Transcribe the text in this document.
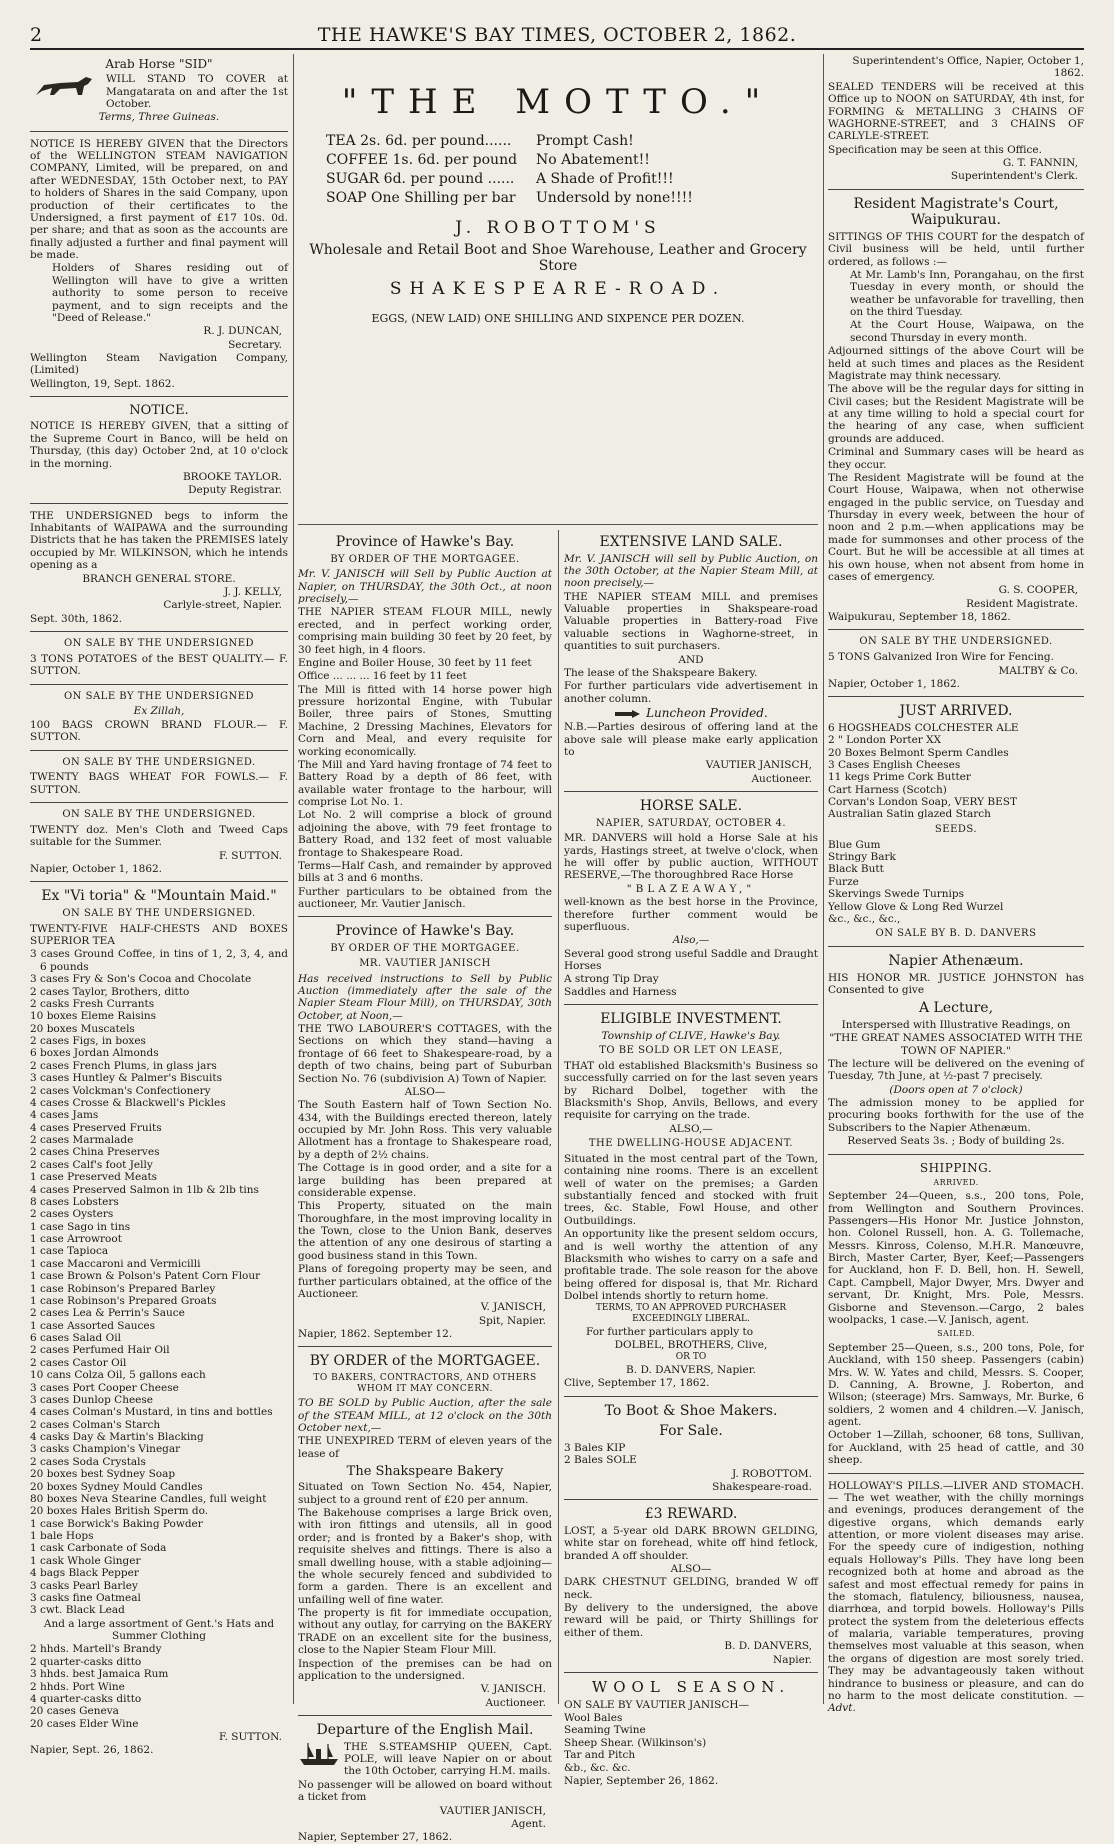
2	THE HAWKE'S BAY TIMES, OCTOBER 2, 1862.
Arab Horse "SID"

WILL STAND TO COVER at Mangatarata on and after the 1st October.

Terms, Three Guineas.

NOTICE IS HEREBY GIVEN that the Directors of the WELLINGTON STEAM NAVIGATION COMPANY, Limited, will be prepared, on and after WEDNESDAY, 15th October next, to PAY to holders of Shares in the said Company, upon production of their certificates to the Undersigned, a first payment of £17 10s. 0d. per share; and that as soon as the accounts are finally adjusted a further and final payment will be made.

Holders of Shares residing out of Wellington will have to give a written authority to some person to receive payment, and to sign receipts and the "Deed of Release."

R. J. DUNCAN,

Secretary.

Wellington Steam Navigation Company, (Limited)

Wellington, 19, Sept. 1862.

NOTICE.

NOTICE IS HEREBY GIVEN, that a sitting of the Supreme Court in Banco, will be held on Thursday, (this day) October 2nd, at 10 o'clock in the morning.

BROOKE TAYLOR.

Deputy Registrar.

THE UNDERSIGNED begs to inform the Inhabitants of WAIPAWA and the surrounding Districts that he has taken the PREMISES lately occupied by Mr. WILKINSON, which he intends opening as a

BRANCH GENERAL STORE.

J. J. KELLY,

Carlyle-street, Napier.

Sept. 30th, 1862.

ON SALE BY THE UNDERSIGNED

3 TONS POTATOES of the BEST QUALITY.— F. SUTTON.

ON SALE BY THE UNDERSIGNED

Ex Zillah,

100 BAGS CROWN BRAND FLOUR.— F. SUTTON.

ON SALE BY THE UNDERSIGNED.

TWENTY BAGS WHEAT FOR FOWLS.— F. SUTTON.

ON SALE BY THE UNDERSIGNED.

TWENTY doz. Men's Cloth and Tweed Caps suitable for the Summer.

F. SUTTON.

Napier, October 1, 1862.

Ex "Vi toria" & "Mountain Maid."
ON SALE BY THE UNDERSIGNED.

TWENTY-FIVE HALF-CHESTS AND BOXES SUPERIOR TEA

3 cases Ground Coffee, in tins of 1, 2, 3, 4, and 6 pounds
3 cases Fry & Son's Cocoa and Chocolate
2 cases Taylor, Brothers, ditto
2 casks Fresh Currants
10 boxes Eleme Raisins
20 boxes Muscatels
2 cases Figs, in boxes
6 boxes Jordan Almonds
2 cases French Plums, in glass jars
3 cases Huntley & Palmer's Biscuits
2 cases Volckman's Confectionery
4 cases Crosse & Blackwell's Pickles
4 cases Jams
4 cases Preserved Fruits
2 cases Marmalade
2 cases China Preserves
2 cases Calf's foot Jelly
1 case Preserved Meats
4 cases Preserved Salmon in 1lb & 2lb tins
8 cases Lobsters
2 cases Oysters
1 case Sago in tins
1 case Arrowroot
1 case Tapioca
1 case Maccaroni and Vermicilli
1 case Brown & Polson's Patent Corn Flour
1 case Robinson's Prepared Barley
1 case Robinson's Prepared Groats
2 cases Lea & Perrin's Sauce
1 case Assorted Sauces
6 cases Salad Oil
2 cases Perfumed Hair Oil
2 cases Castor Oil
10 cans Colza Oil, 5 gallons each
3 cases Port Cooper Cheese
3 cases Dunlop Cheese
4 cases Colman's Mustard, in tins and bottles
2 cases Colman's Starch
4 casks Day & Martin's Blacking
3 casks Champion's Vinegar
2 cases Soda Crystals
20 boxes best Sydney Soap
20 boxes Sydney Mould Candles
80 boxes Neva Stearine Candles, full weight
20 boxes Hales British Sperm do.
1 case Borwick's Baking Powder
1 bale Hops
1 cask Carbonate of Soda
1 cask Whole Ginger
4 bags Black Pepper
3 casks Pearl Barley
3 casks fine Oatmeal
3 cwt. Black Lead

And a large assortment of Gent.'s Hats and Summer Clothing

2 hhds. Martell's Brandy
2 quarter-casks ditto
3 hhds. best Jamaica Rum
2 hhds. Port Wine
4 quarter-casks ditto
20 cases Geneva
20 cases Elder Wine

F. SUTTON.

Napier, Sept. 26, 1862.

"THE MOTTO."
TEA 2s. 6d. per pound......	Prompt Cash!
COFFEE 1s. 6d. per pound	No Abatement!!
SUGAR 6d. per pound ......	A Shade of Profit!!!
SOAP One Shilling per bar	Undersold by none!!!!
J. ROBOTTOM'S
Wholesale and Retail Boot and Shoe Warehouse, Leather and Grocery Store
SHAKESPEARE-ROAD.
EGGS, (NEW LAID) ONE SHILLING AND SIXPENCE PER DOZEN.
Province of Hawke's Bay.
BY ORDER OF THE MORTGAGEE.

Mr. V. JANISCH will Sell by Public Auction at Napier, on THURSDAY, the 30th Oct., at noon precisely,—

THE NAPIER STEAM FLOUR MILL, newly erected, and in perfect working order, comprising main building 30 feet by 20 feet, by 30 feet high, in 4 floors.

Engine and Boiler House, 30 feet by 11 feet

Office ... ... ... 16 feet by 11 feet

The Mill is fitted with 14 horse power high pressure horizontal Engine, with Tubular Boiler, three pairs of Stones, Smutting Machine, 2 Dressing Machines, Elevators for Corn and Meal, and every requisite for working economically.

The Mill and Yard having frontage of 74 feet to Battery Road by a depth of 86 feet, with available water frontage to the harbour, will comprise Lot No. 1.

Lot No. 2 will comprise a block of ground adjoining the above, with 79 feet frontage to Battery Road, and 132 feet of most valuable frontage to Shakespeare Road.

Terms—Half Cash, and remainder by approved bills at 3 and 6 months.

Further particulars to be obtained from the auctioneer, Mr. Vautier Janisch.

Province of Hawke's Bay.
BY ORDER OF THE MORTGAGEE.
MR. VAUTIER JANISCH

Has received instructions to Sell by Public Auction (immediately after the sale of the Napier Steam Flour Mill), on THURSDAY, 30th October, at Noon,—

THE TWO LABOURER'S COTTAGES, with the Sections on which they stand—having a frontage of 66 feet to Shakespeare-road, by a depth of two chains, being part of Suburban Section No. 76 (subdivision A) Town of Napier.

ALSO—

The South Eastern half of Town Section No. 434, with the Buildings erected thereon, lately occupied by Mr. John Ross. This very valuable Allotment has a frontage to Shakespeare road, by a depth of 2½ chains.

The Cottage is in good order, and a site for a large building has been prepared at considerable expense.

This Property, situated on the main Thoroughfare, in the most improving locality in the Town, close to the Union Bank, deserves the attention of any one desirous of starting a good business stand in this Town.

Plans of foregoing property may be seen, and further particulars obtained, at the office of the Auctioneer.

V. JANISCH,

Spit, Napier.

Napier, 1862. September 12.

BY ORDER of the MORTGAGEE.
TO BAKERS, CONTRACTORS, AND OTHERS WHOM IT MAY CONCERN.

TO BE SOLD by Public Auction, after the sale of the STEAM MILL, at 12 o'clock on the 30th October next,—

THE UNEXPIRED TERM of eleven years of the lease of

The Shakspeare Bakery

Situated on Town Section No. 454, Napier, subject to a ground rent of £20 per annum.

The Bakehouse comprises a large Brick oven, with iron fittings and utensils, all in good order; and is fronted by a Baker's shop, with requisite shelves and fittings. There is also a small dwelling house, with a stable adjoining—the whole securely fenced and subdivided to form a garden. There is an excellent and unfailing well of fine water.

The property is fit for immediate occupation, without any outlay, for carrying on the BAKERY TRADE on an excellent site for the business, close to the Napier Steam Flour Mill.

Inspection of the premises can be had on application to the undersigned.

V. JANISCH.

Auctioneer.

Departure of the English Mail.

THE S.STEAMSHIP QUEEN, Capt. POLE, will leave Napier on or about the 10th October, carrying H.M. mails.

No passenger will be allowed on board without a ticket from

VAUTIER JANISCH,

Agent.

Napier, September 27, 1862.

EXTENSIVE LAND SALE.

Mr. V. JANISCH will sell by Public Auction, on the 30th October, at the Napier Steam Mill, at noon precisely,—

THE NAPIER STEAM MILL and premises Valuable properties in Shakspeare-road Valuable properties in Battery-road Five valuable sections in Waghorne-street, in quantities to suit purchasers.

AND

The lease of the Shakspeare Bakery.

For further particulars vide advertisement in another column.

Luncheon Provided.

N.B.—Parties desirous of offering land at the above sale will please make early application to

VAUTIER JANISCH,

Auctioneer.

HORSE SALE.
NAPIER, SATURDAY, OCTOBER 4.

MR. DANVERS will hold a Horse Sale at his yards, Hastings street, at twelve o'clock, when he will offer by public auction, WITHOUT RESERVE,—The thoroughbred Race Horse

"BLAZEAWAY,"

well-known as the best horse in the Province, therefore further comment would be superfluous.

Also,—

Several good strong useful Saddle and Draught Horses

A strong Tip Dray
Saddles and Harness
ELIGIBLE INVESTMENT.

Township of CLIVE, Hawke's Bay.

TO BE SOLD OR LET ON LEASE,

THAT old established Blacksmith's Business so successfully carried on for the last seven years by Richard Dolbel, together with the Blacksmith's Shop, Anvils, Bellows, and every requisite for carrying on the trade.

ALSO,—

THE DWELLING-HOUSE ADJACENT.

Situated in the most central part of the Town, containing nine rooms. There is an excellent well of water on the premises; a Garden substantially fenced and stocked with fruit trees, &c. Stable, Fowl House, and other Outbuildings.

An opportunity like the present seldom occurs, and is well worthy the attention of any Blacksmith who wishes to carry on a safe and profitable trade. The sole reason for the above being offered for disposal is, that Mr. Richard Dolbel intends shortly to return home.

TERMS, TO AN APPROVED PURCHASER EXCEEDINGLY LIBERAL.

For further particulars apply to

DOLBEL, BROTHERS, Clive,

OR TO

B. D. DANVERS, Napier.

Clive, September 17, 1862.

To Boot & Shoe Makers.
For Sale.
3 Bales KIP
2 Bales SOLE

J. ROBOTTOM.

Shakespeare-road.

£3 REWARD.

LOST, a 5-year old DARK BROWN GELDING, white star on forehead, white off hind fetlock, branded A off shoulder.

ALSO—

DARK CHESTNUT GELDING, branded W off neck.

By delivery to the undersigned, the above reward will be paid, or Thirty Shillings for either of them.

B. D. DANVERS,

Napier.

WOOL SEASON.

ON SALE BY VAUTIER JANISCH—

Wool Bales
Seaming Twine
Sheep Shear. (Wilkinson's)
Tar and Pitch
&b., &c. &c.

Napier, September 26, 1862.

Superintendent's Office, Napier, October 1, 1862.

SEALED TENDERS will be received at this Office up to NOON on SATURDAY, 4th inst, for FORMING & METALLING 3 CHAINS OF WAGHORNE-STREET, and 3 CHAINS OF CARLYLE-STREET.

Specification may be seen at this Office.

G. T. FANNIN,

Superintendent's Clerk.

Resident Magistrate's Court, Waipukurau.

SITTINGS OF THIS COURT for the despatch of Civil business will be held, until further ordered, as follows :—

At Mr. Lamb's Inn, Porangahau, on the first Tuesday in every month, or should the weather be unfavorable for travelling, then on the third Tuesday.

At the Court House, Waipawa, on the second Thursday in every month.

Adjourned sittings of the above Court will be held at such times and places as the Resident Magistrate may think necessary.

The above will be the regular days for sitting in Civil cases; but the Resident Magistrate will be at any time willing to hold a special court for the hearing of any case, when sufficient grounds are adduced.

Criminal and Summary cases will be heard as they occur.

The Resident Magistrate will be found at the Court House, Waipawa, when not otherwise engaged in the public service, on Tuesday and Thursday in every week, between the hour of noon and 2 p.m.—when applications may be made for summonses and other process of the Court. But he will be accessible at all times at his own house, when not absent from home in cases of emergency.

G. S. COOPER,

Resident Magistrate.

Waipukurau, September 18, 1862.

ON SALE BY THE UNDERSIGNED.

5 TONS Galvanized Iron Wire for Fencing.

MALTBY & Co.

Napier, October 1, 1862.

JUST ARRIVED.
6 HOGSHEADS COLCHESTER ALE
2 " London Porter XX
20 Boxes Belmont Sperm Candles
3 Cases English Cheeses
11 kegs Prime Cork Butter
Cart Harness (Scotch)
Corvan's London Soap, VERY BEST
Australian Satin glazed Starch
SEEDS.
Blue Gum
Stringy Bark
Black Butt
Furze
Skervings Swede Turnips
Yellow Glove & Long Red Wurzel
&c., &c., &c.,
ON SALE BY B. D. DANVERS
Napier Athenæum.

HIS HONOR MR. JUSTICE JOHNSTON has Consented to give

A Lecture,

Interspersed with Illustrative Readings, on

"THE GREAT NAMES ASSOCIATED WITH THE TOWN OF NAPIER."

The lecture will be delivered on the evening of Tuesday, 7th June, at ½-past 7 precisely.

(Doors open at 7 o'clock)

The admission money to be applied for procuring books forthwith for the use of the Subscribers to the Napier Athenæum.

Reserved Seats 3s. ; Body of building 2s.

SHIPPING.
ARRIVED.

September 24—Queen, s.s., 200 tons, Pole, from Wellington and Southern Provinces. Passengers—His Honor Mr. Justice Johnston, hon. Colonel Russell, hon. A. G. Tollemache, Messrs. Kinross, Colenso, M.H.R. Manœuvre, Birch, Master Carter, Byer, Keef;—Passengers for Auckland, hon F. D. Bell, hon. H. Sewell, Capt. Campbell, Major Dwyer, Mrs. Dwyer and servant, Dr. Knight, Mrs. Pole, Messrs. Gisborne and Stevenson.—Cargo, 2 bales woolpacks, 1 case.—V. Janisch, agent.

SAILED.

September 25—Queen, s.s., 200 tons, Pole, for Auckland, with 150 sheep. Passengers (cabin) Mrs. W. W. Yates and child, Messrs. S. Cooper, D. Canning, A. Browne, J. Roberton, and Wilson; (steerage) Mrs. Samways, Mr. Burke, 6 soldiers, 2 women and 4 children.—V. Janisch, agent.

October 1—Zillah, schooner, 68 tons, Sullivan, for Auckland, with 25 head of cattle, and 30 sheep.

HOLLOWAY'S PILLS.—LIVER AND STOMACH.— The wet weather, with the chilly mornings and evenings, produces derangement of the digestive organs, which demands early attention, or more violent diseases may arise. For the speedy cure of indigestion, nothing equals Holloway's Pills. They have long been recognized both at home and abroad as the safest and most effectual remedy for pains in the stomach, flatulency, biliousness, nausea, diarrhœa, and torpid bowels. Holloway's Pills protect the system from the deleterious effects of malaria, variable temperatures, proving themselves most valuable at this season, when the organs of digestion are most sorely tried. They may be advantageously taken without hindrance to business or pleasure, and can do no harm to the most delicate constitution. —Advt.
